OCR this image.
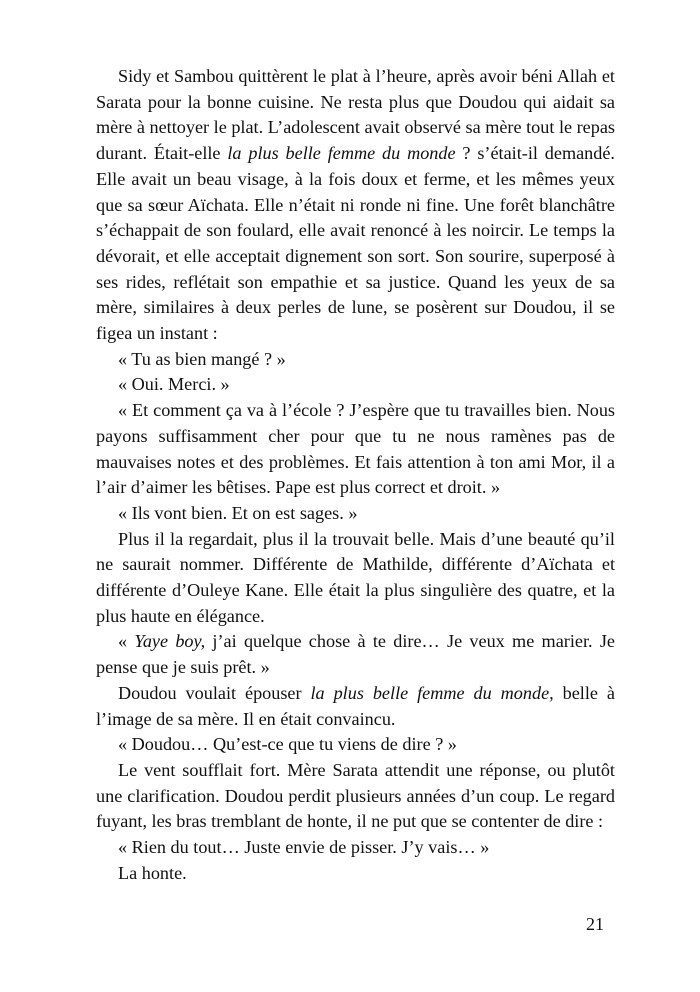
Sidy et Sambou quittèrent le plat à l’heure, après avoir béni Allah et Sarata pour la bonne cuisine. Ne resta plus que Doudou qui aidait sa mère à nettoyer le plat. L’adolescent avait observé sa mère tout le repas durant. Était-elle la plus belle femme du monde ? s’était-il demandé. Elle avait un beau visage, à la fois doux et ferme, et les mêmes yeux que sa sœur Aïchata. Elle n’était ni ronde ni fine. Une forêt blanchâtre s’échappait de son foulard, elle avait renoncé à les noircir. Le temps la dévorait, et elle acceptait dignement son sort. Son sourire, superposé à ses rides, reflétait son empathie et sa justice. Quand les yeux de sa mère, similaires à deux perles de lune, se posèrent sur Doudou, il se figea un instant :

« Tu as bien mangé ? »

« Oui. Merci. »

« Et comment ça va à l’école ? J’espère que tu travailles bien. Nous payons suffisamment cher pour que tu ne nous ramènes pas de mauvaises notes et des problèmes. Et fais attention à ton ami Mor, il a l’air d’aimer les bêtises. Pape est plus correct et droit. »

« Ils vont bien. Et on est sages. »

Plus il la regardait, plus il la trouvait belle. Mais d’une beauté qu’il ne saurait nommer. Différente de Mathilde, différente d’Aïchata et différente d’Ouleye Kane. Elle était la plus singulière des quatre, et la plus haute en élégance.

« Yaye boy, j’ai quelque chose à te dire… Je veux me marier. Je pense que je suis prêt. »

Doudou voulait épouser la plus belle femme du monde, belle à l’image de sa mère. Il en était convaincu.

« Doudou… Qu’est-ce que tu viens de dire ? »

Le vent soufflait fort. Mère Sarata attendit une réponse, ou plutôt une clarification. Doudou perdit plusieurs années d’un coup. Le regard fuyant, les bras tremblant de honte, il ne put que se contenter de dire :

« Rien du tout… Juste envie de pisser. J’y vais… »

La honte.

21
